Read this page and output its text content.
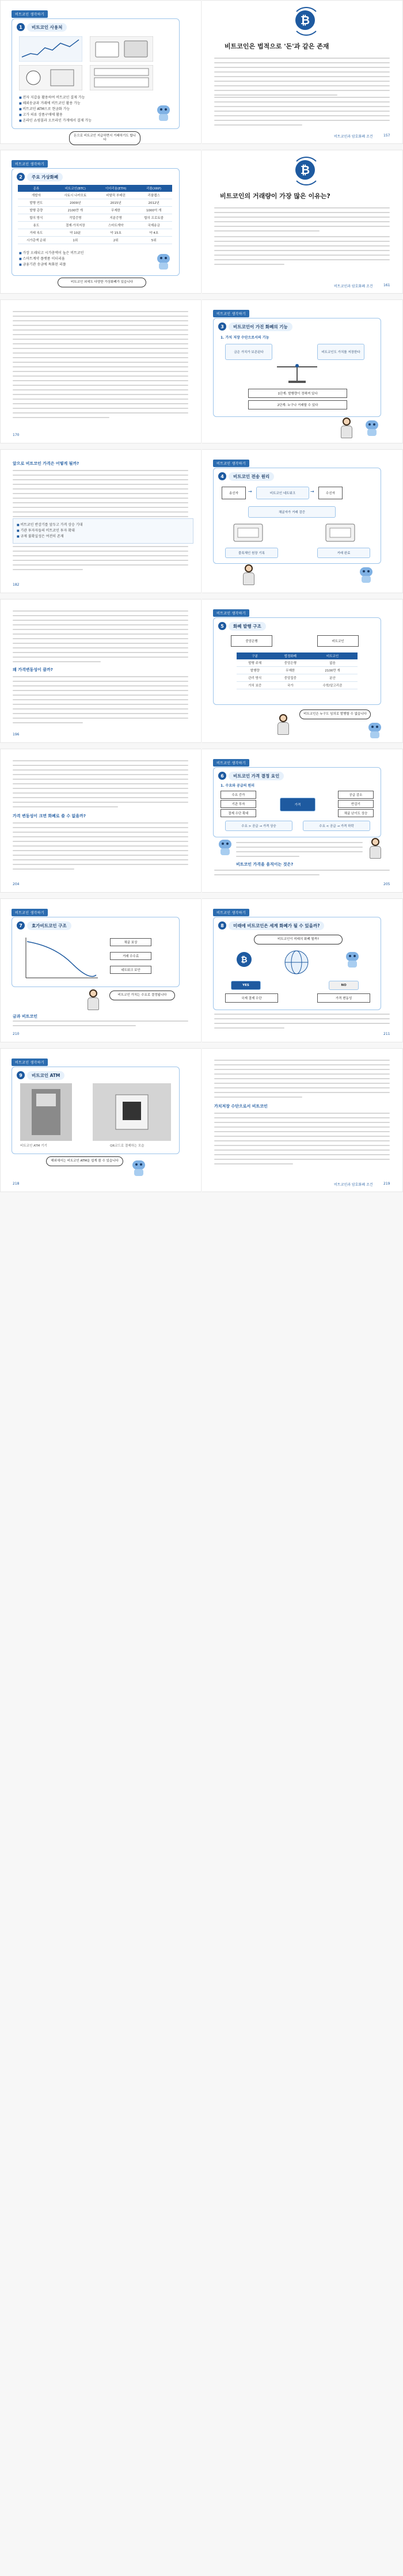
비트코인 생각하기
1	비트코인 사용처
■ 전자 지갑을 활용하여 비트코인 결제 가능
■ 해외송금과 거래에 비트코인 활용 가능
■ 비트코인 ATM으로 현금화 가능
■ 고가 의류 상품구매에 활용
■ 온라인 쇼핑몰과 오프라인 가게에서 결제 가능
돈으로 비트코인 지급하면서 거래하기도 합니다
₿
비트코인은 법적으로 '돈'과 같은 존재
비트코인과 암호화폐 조건	157
비트코인 생각하기
2	주요 가상화폐
종류	비트코인(BTC)	이더리움(ETH)	리플(XRP)
개발자	사토시 나카모토	비탈릭 부테린	리플랩스
발행 연도	2009년	2015년	2012년
발행 총량	2100만 개	무제한	1000억 개
합의 방식	작업증명	지분증명	합의 프로토콜
용도	결제·가치저장	스마트계약	국제송금
거래 속도	약 10분	약 15초	약 4초
시가총액 순위	1위	2위	5위
■ 가장 오래되고 시가총액이 높은 비트코인
■ 스마트계약 플랫폼 이더리움
■ 금융기관 송금에 특화된 리플
비트코인 외에도 다양한 가상화폐가 있습니다
₿
비트코인의 거래량이 가장 많은 이유는?
비트코인과 암호화폐 조건	161
170
비트코인 생각하기
3	비트코인이 가진 화폐의 기능
1. 가치 저장 수단으로서의 기능
금은 가치가 보존된다	비트코인도 가치를 저장한다
1단계: 발행량이 정해져 있다
2단계: 누구나 거래할 수 있다
앞으로 비트코인 가격은 어떻게 될까?
■ 비트코인 반감기를 앞두고 가격 상승 기대
■ 기관 투자자들의 비트코인 투자 확대
■ 규제 불확실성은 여전히 존재
182
비트코인 생각하기
4	비트코인 전송 원리
송신자	→	비트코인 네트워크	→	수신자
채굴자가 거래 검증
블록체인 원장 기록	거래 완료
왜 가격변동성이 클까?
196
비트코인 생각하기
5	화폐 발행 구조
중앙은행	비트코인
구분	법정화폐	비트코인
발행 주체	중앙은행	없음
발행량	무제한	2100만 개
관리 방식	중앙집중	분산
가치 보증	국가	수학/알고리즘
비트코인은 누구도 임의로 발행할 수 없습니다
가격 변동성이 크면 화폐로 쓸 수 없을까?
204
비트코인 생각하기
6	비트코인 가격 결정 요인
1. 수요와 공급의 원리
수요 증가
기관 투자
결제 수단 확대
가격
공급 감소
반감기
채굴 난이도 상승
수요 > 공급 → 가격 상승	수요 < 공급 → 가격 하락
비트코인 가격을 움직이는 것은?
205
비트코인 생각하기
7	효가비트코인 구조
채굴 보상
거래 수수료
네트워크 보안
비트코인 가치는 수요로 결정됩니다
금과 비트코인
210
비트코인 생각하기
8	미래에 비트코인은 세계 화폐가 될 수 있을까?
비트코인이 미래의 화폐 될까?
₿
YES	NO
국제 결제 수단	가격 변동성
211
비트코인 생각하기
9	비트코인 ATM
비트코인 ATM 기기	QR코드로 결제하는 모습
해외에서는 비트코인 ATM을 쉽게 볼 수 있습니다
218
가치저장 수단으로서 비트코인
비트코인과 암호화폐 조건	219
